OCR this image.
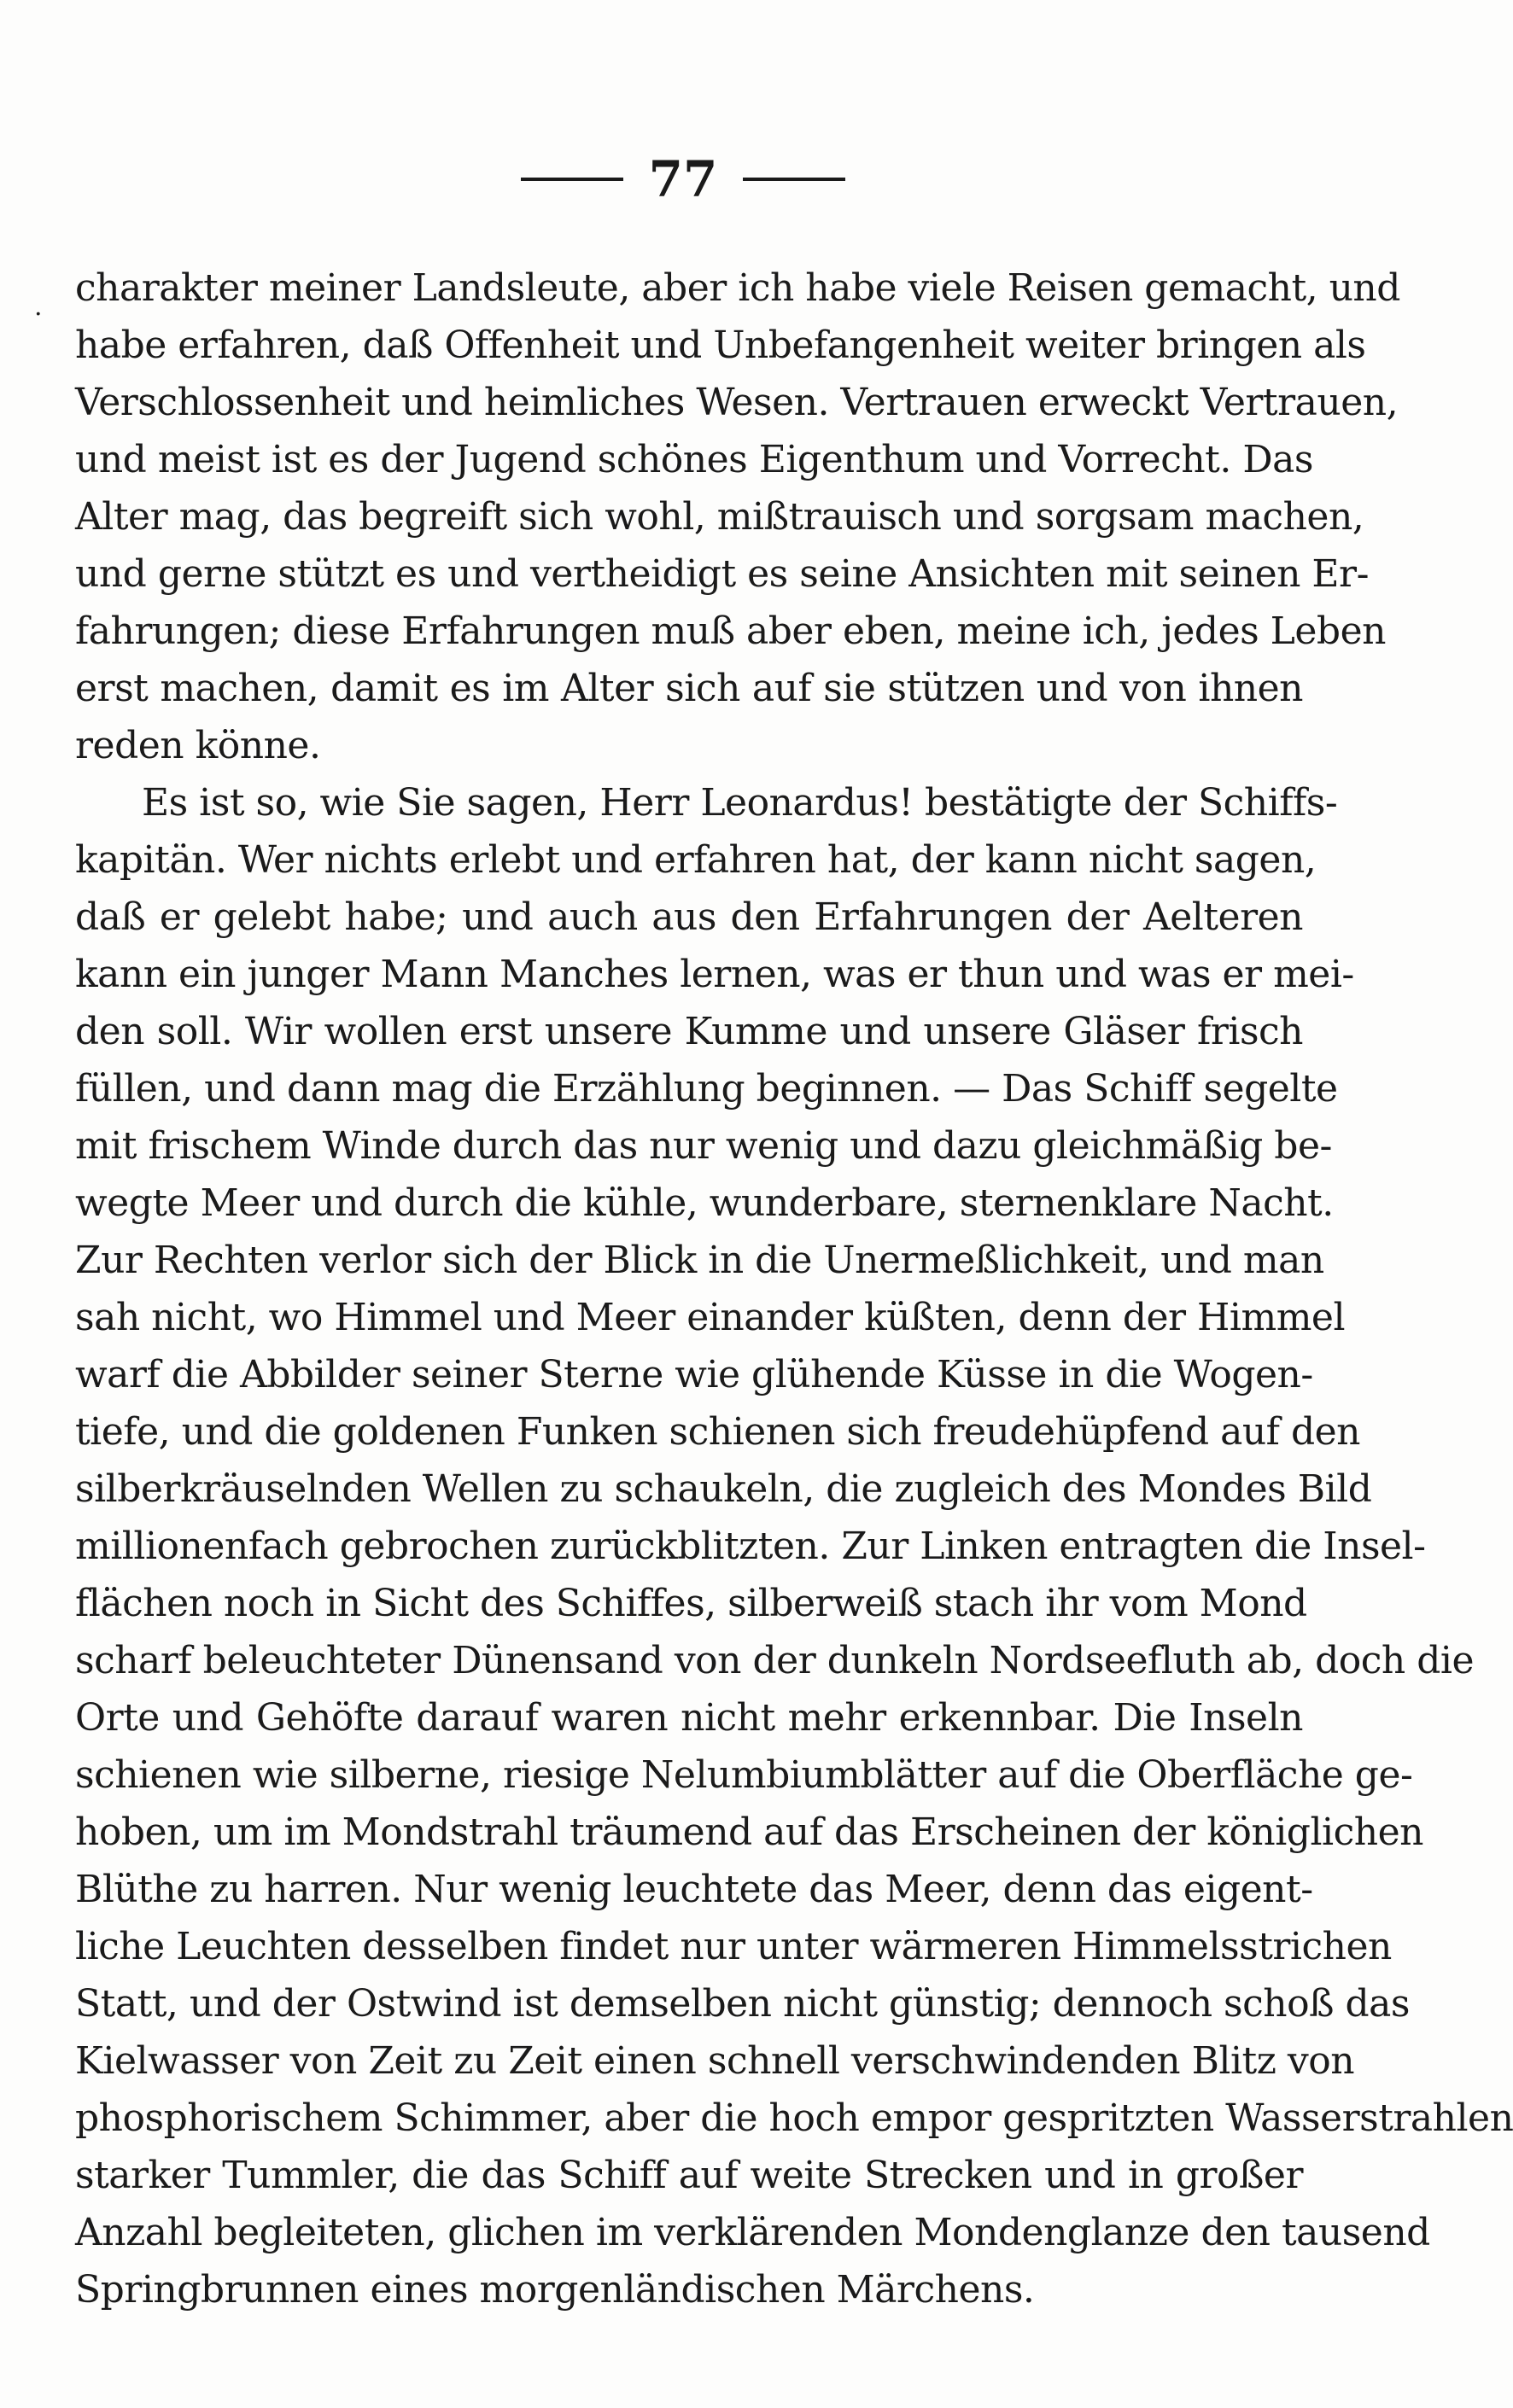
77
. charakter meiner Landsleute, aber ich habe viele Reisen gemacht, und
habe erfahren, daß Offenheit und Unbefangenheit weiter bringen als
Verschlossenheit und heimliches Wesen. Vertrauen erweckt Vertrauen,
und meist ist es der Jugend schönes Eigenthum und Vorrecht. Das
Alter mag, das begreift sich wohl, mißtrauisch und sorgsam machen,
und gerne stützt es und vertheidigt es seine Ansichten mit seinen Er-
fahrungen; diese Erfahrungen muß aber eben, meine ich, jedes Leben
erst machen, damit es im Alter sich auf sie stützen und von ihnen
reden könne.
Es ist so, wie Sie sagen, Herr Leonardus! bestätigte der Schiffs-
kapitän. Wer nichts erlebt und erfahren hat, der kann nicht sagen,
daß er gelebt habe; und auch aus den Erfahrungen der Aelteren
kann ein junger Mann Manches lernen, was er thun und was er mei-
den soll. Wir wollen erst unsere Kumme und unsere Gläser frisch
füllen, und dann mag die Erzählung beginnen. — Das Schiff segelte
mit frischem Winde durch das nur wenig und dazu gleichmäßig be-
wegte Meer und durch die kühle, wunderbare, sternenklare Nacht.
Zur Rechten verlor sich der Blick in die Unermeßlichkeit, und man
sah nicht, wo Himmel und Meer einander küßten, denn der Himmel
warf die Abbilder seiner Sterne wie glühende Küsse in die Wogen-
tiefe, und die goldenen Funken schienen sich freudehüpfend auf den
silberkräuselnden Wellen zu schaukeln, die zugleich des Mondes Bild
millionenfach gebrochen zurückblitzten. Zur Linken entragten die Insel-
flächen noch in Sicht des Schiffes, silberweiß stach ihr vom Mond
scharf beleuchteter Dünensand von der dunkeln Nordseefluth ab, doch die
Orte und Gehöfte darauf waren nicht mehr erkennbar. Die Inseln
schienen wie silberne, riesige Nelumbiumblätter auf die Oberfläche ge-
hoben, um im Mondstrahl träumend auf das Erscheinen der königlichen
Blüthe zu harren. Nur wenig leuchtete das Meer, denn das eigent-
liche Leuchten desselben findet nur unter wärmeren Himmelsstrichen
Statt, und der Ostwind ist demselben nicht günstig; dennoch schoß das
Kielwasser von Zeit zu Zeit einen schnell verschwindenden Blitz von
phosphorischem Schimmer, aber die hoch empor gespritzten Wasserstrahlen
starker Tummler, die das Schiff auf weite Strecken und in großer
Anzahl begleiteten, glichen im verklärenden Mondenglanze den tausend
Springbrunnen eines morgenländischen Märchens.
